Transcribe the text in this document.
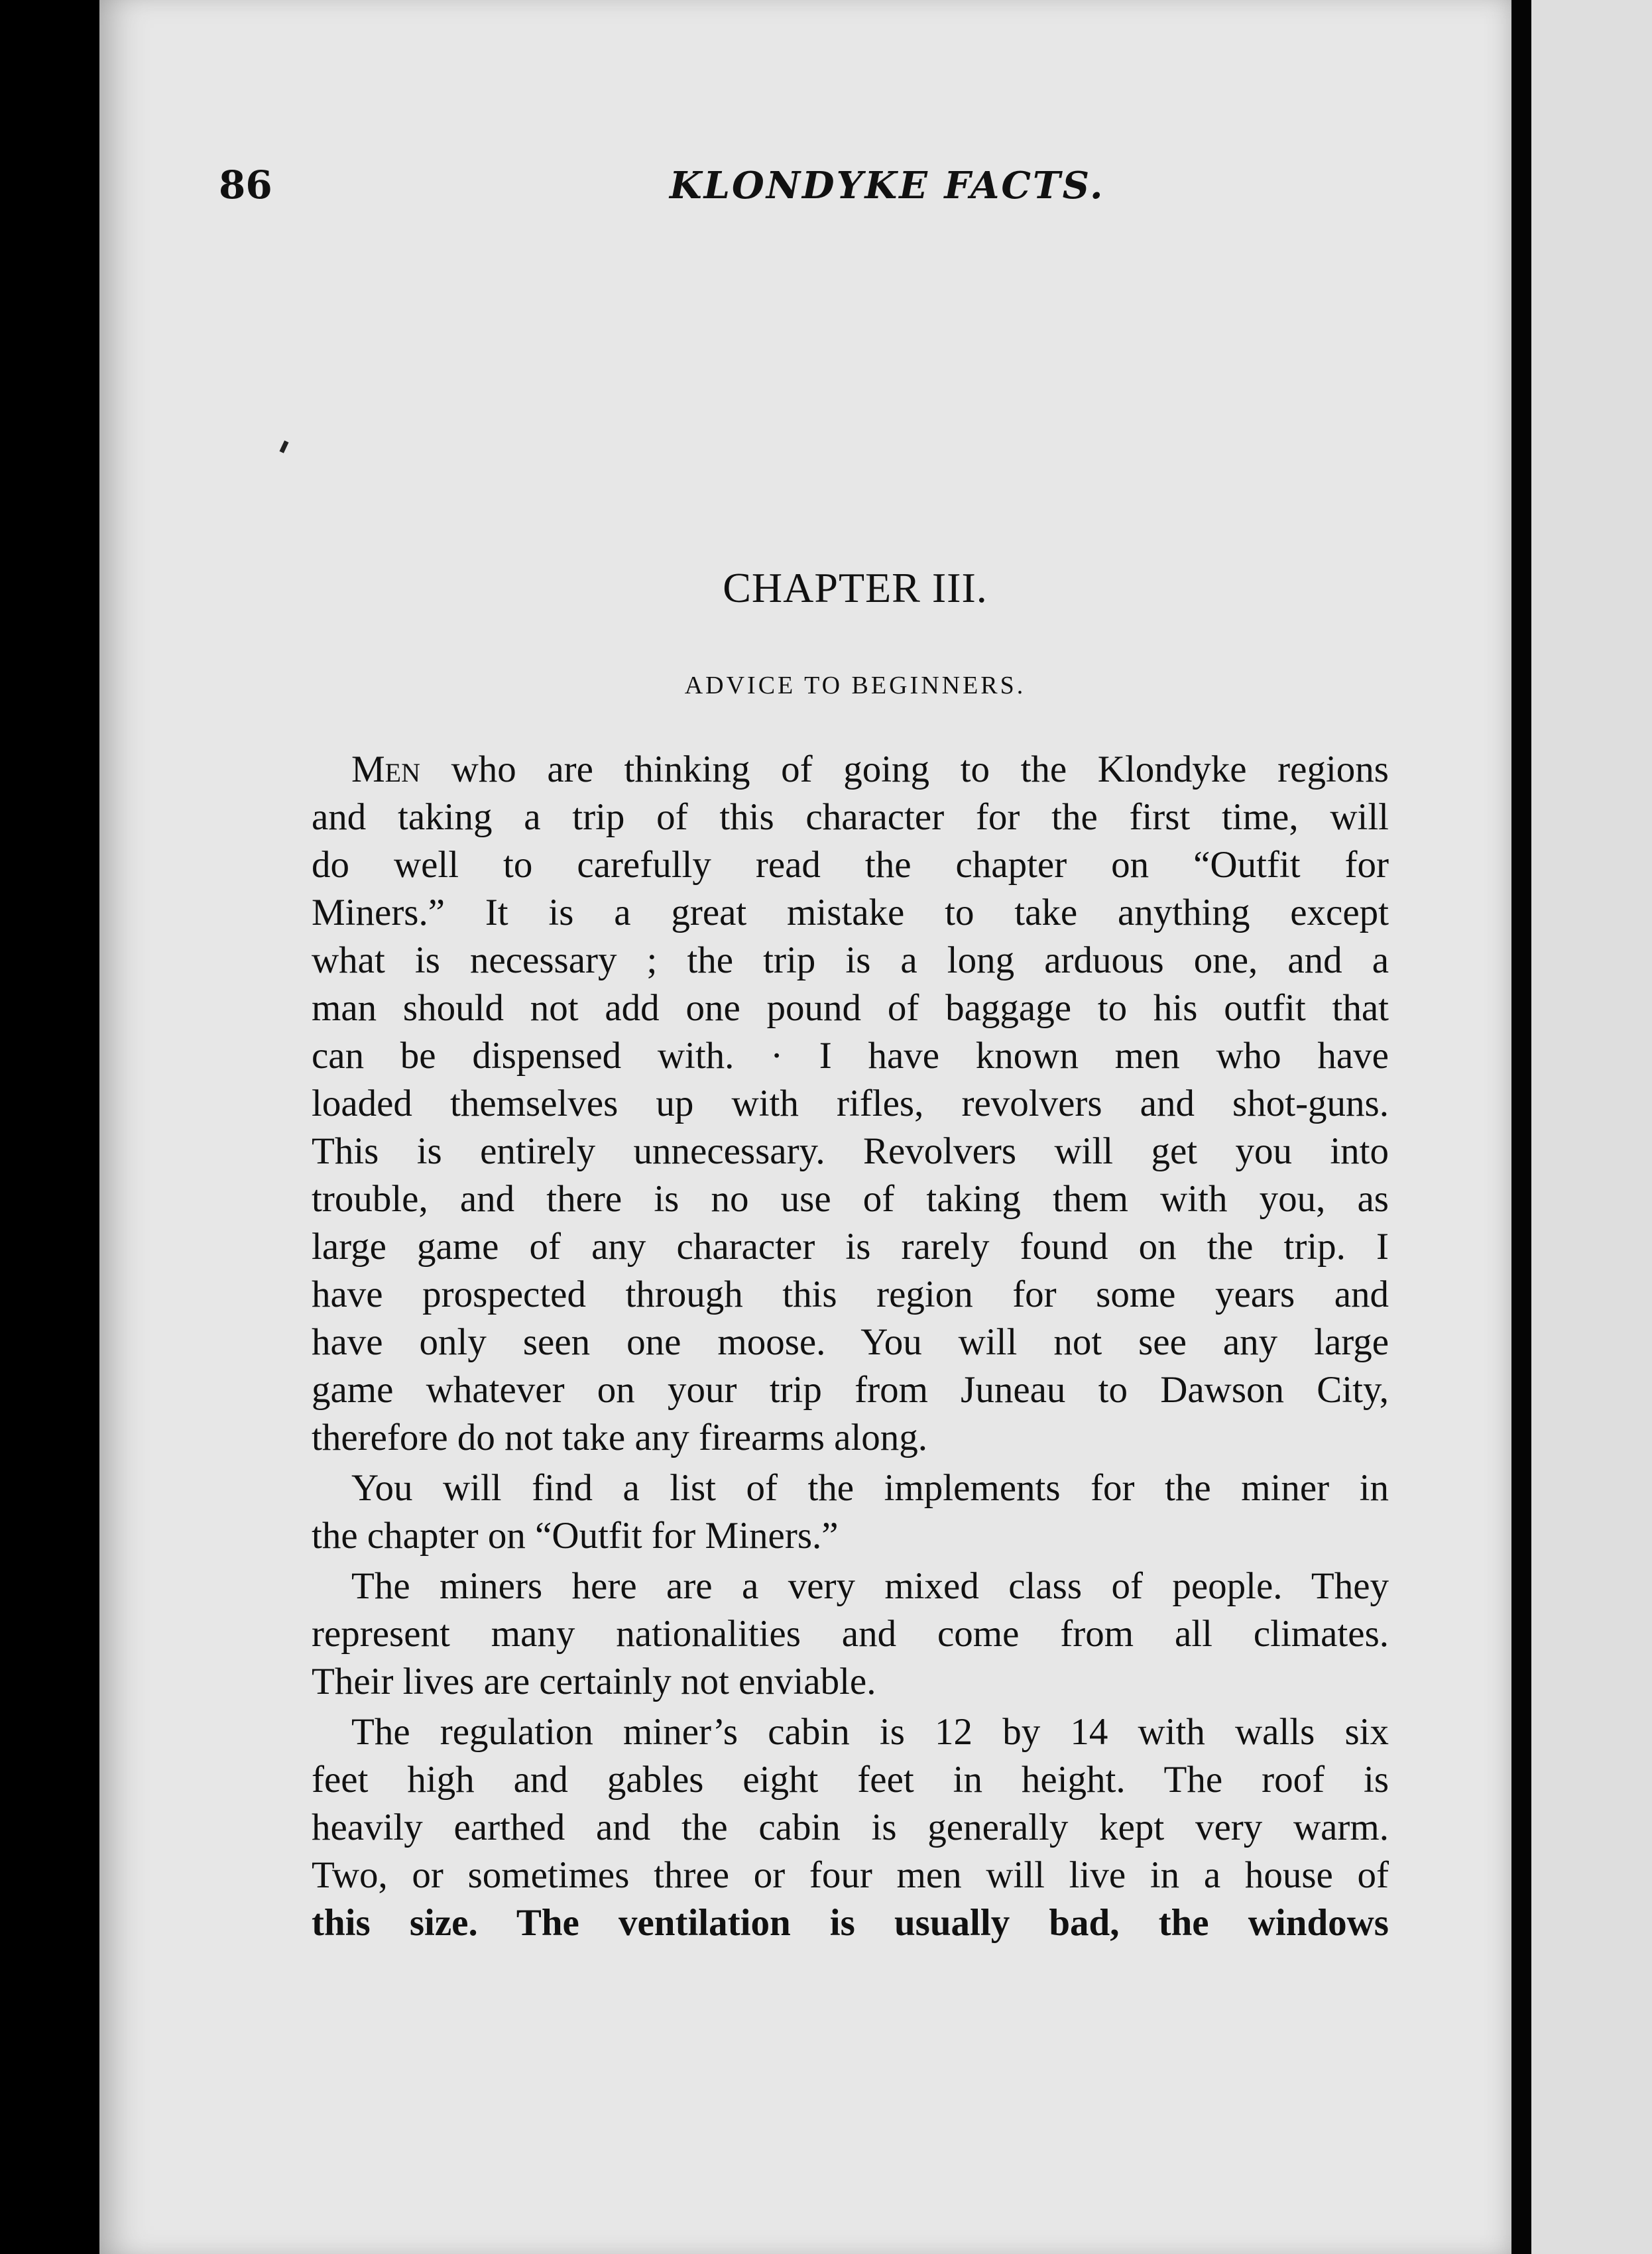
86	KLONDYKE FACTS.
CHAPTER III.
ADVICE TO BEGINNERS.
Men who are thinking of going to the Klondyke regions
and taking a trip of this character for the first time, will
do well to carefully read the chapter on “Outfit for
Miners.” It is a great mistake to take anything except
what is necessary ; the trip is a long arduous one, and a
man should not add one pound of baggage to his outfit that
can be dispensed with. · I have known men who have
loaded themselves up with rifles, revolvers and shot-guns.
This is entirely unnecessary. Revolvers will get you into
trouble, and there is no use of taking them with you, as
large game of any character is rarely found on the trip. I
have prospected through this region for some years and
have only seen one moose. You will not see any large
game whatever on your trip from Juneau to Dawson City,
therefore do not take any firearms along.
You will find a list of the implements for the miner in
the chapter on “Outfit for Miners.”
The miners here are a very mixed class of people. They
represent many nationalities and come from all climates.
Their lives are certainly not enviable.
The regulation miner’s cabin is 12 by 14 with walls six
feet high and gables eight feet in height. The roof is
heavily earthed and the cabin is generally kept very warm.
Two, or sometimes three or four men will live in a house of
this size. The ventilation is usually bad, the windows
